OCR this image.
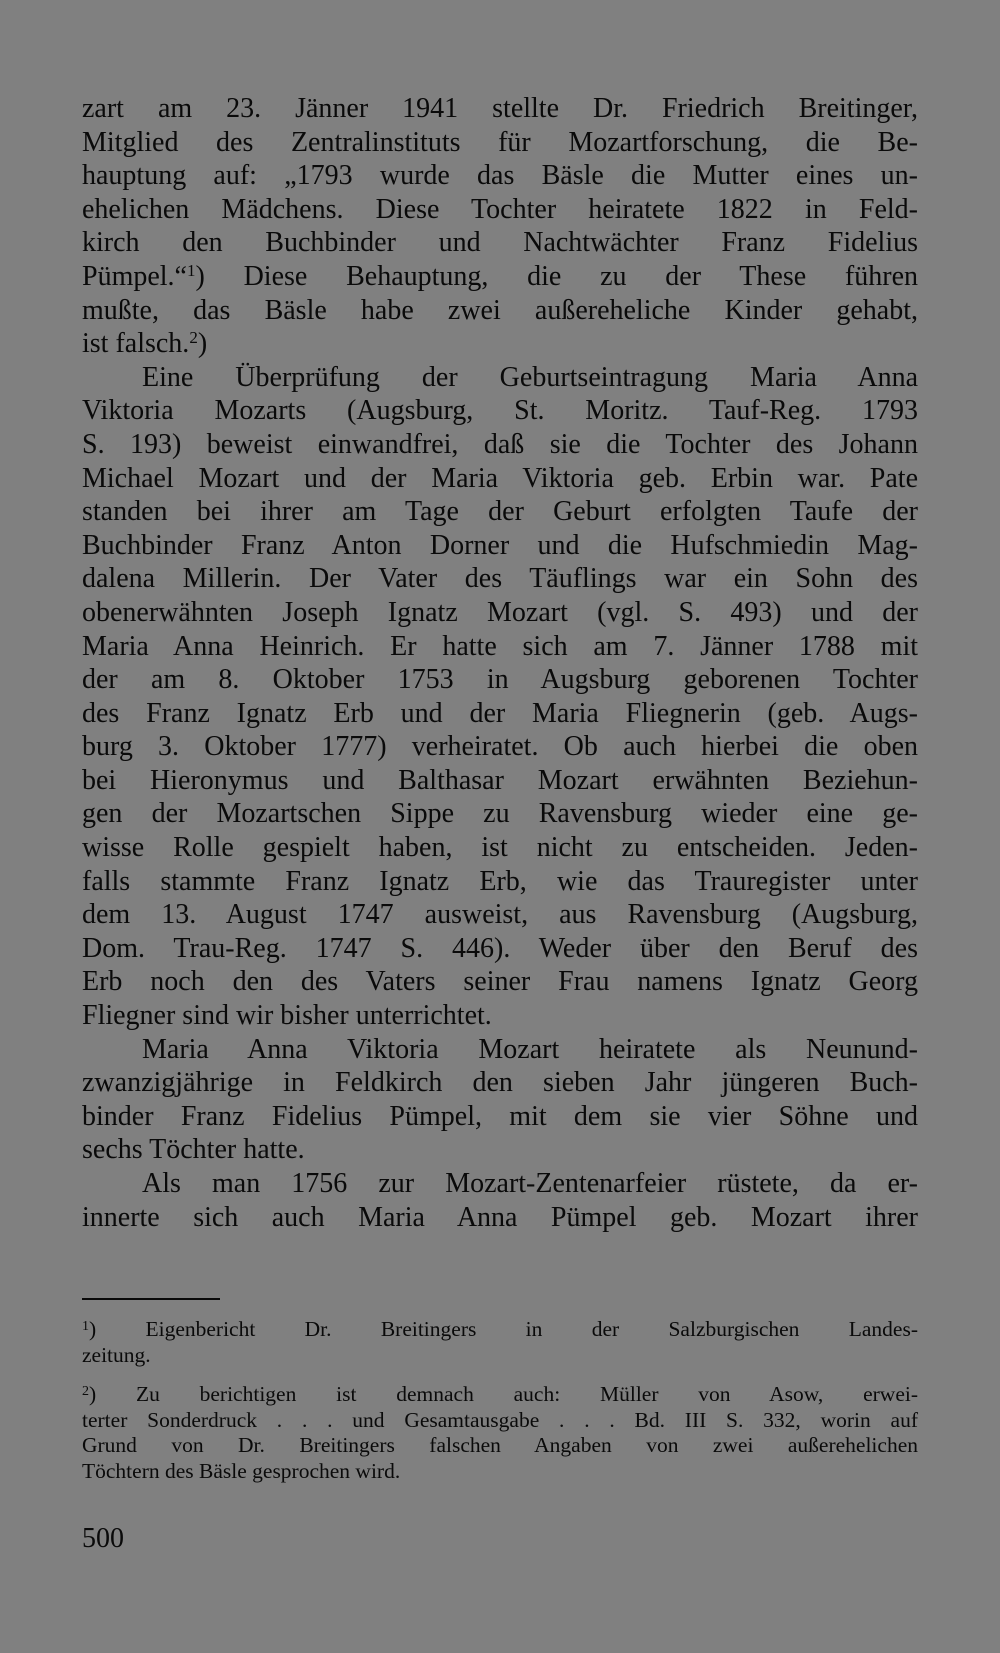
zart am 23. Jänner 1941 stellte Dr. Friedrich Breitinger,
Mitglied des Zentralinstituts für Mozartforschung, die Be-
hauptung auf: „1793 wurde das Bäsle die Mutter eines un-
ehelichen Mädchens. Diese Tochter heiratete 1822 in Feld-
kirch den Buchbinder und Nachtwächter Franz Fidelius
Pümpel.“$^1$) Diese Behauptung, die zu der These führen
mußte, das Bäsle habe zwei außereheliche Kinder gehabt,
ist falsch.$^2$)
Eine Überprüfung der Geburtseintragung Maria Anna
Viktoria Mozarts (Augsburg, St. Moritz. Tauf-Reg. 1793
S. 193) beweist einwandfrei, daß sie die Tochter des Johann
Michael Mozart und der Maria Viktoria geb. Erbin war. Pate
standen bei ihrer am Tage der Geburt erfolgten Taufe der
Buchbinder Franz Anton Dorner und die Hufschmiedin Mag-
dalena Millerin. Der Vater des Täuflings war ein Sohn des
obenerwähnten Joseph Ignatz Mozart (vgl. S. 493) und der
Maria Anna Heinrich. Er hatte sich am 7. Jänner 1788 mit
der am 8. Oktober 1753 in Augsburg geborenen Tochter
des Franz Ignatz Erb und der Maria Fliegnerin (geb. Augs-
burg 3. Oktober 1777) verheiratet. Ob auch hierbei die oben
bei Hieronymus und Balthasar Mozart erwähnten Beziehun-
gen der Mozartschen Sippe zu Ravensburg wieder eine ge-
wisse Rolle gespielt haben, ist nicht zu entscheiden. Jeden-
falls stammte Franz Ignatz Erb, wie das Trauregister unter
dem 13. August 1747 ausweist, aus Ravensburg (Augsburg,
Dom. Trau-Reg. 1747 S. 446). Weder über den Beruf des
Erb noch den des Vaters seiner Frau namens Ignatz Georg
Fliegner sind wir bisher unterrichtet.
Maria Anna Viktoria Mozart heiratete als Neunund-
zwanzigjährige in Feldkirch den sieben Jahr jüngeren Buch-
binder Franz Fidelius Pümpel, mit dem sie vier Söhne und
sechs Töchter hatte.
Als man 1756 zur Mozart-Zentenarfeier rüstete, da er-
innerte sich auch Maria Anna Pümpel geb. Mozart ihrer
$^1$) Eigenbericht Dr. Breitingers in der Salzburgischen Landes-
zeitung.
$^2$) Zu berichtigen ist demnach auch: Müller von Asow, erwei-
terter Sonderdruck . . . und Gesamtausgabe . . . Bd. III S. 332, worin auf
Grund von Dr. Breitingers falschen Angaben von zwei außerehelichen
Töchtern des Bäsle gesprochen wird.
500
